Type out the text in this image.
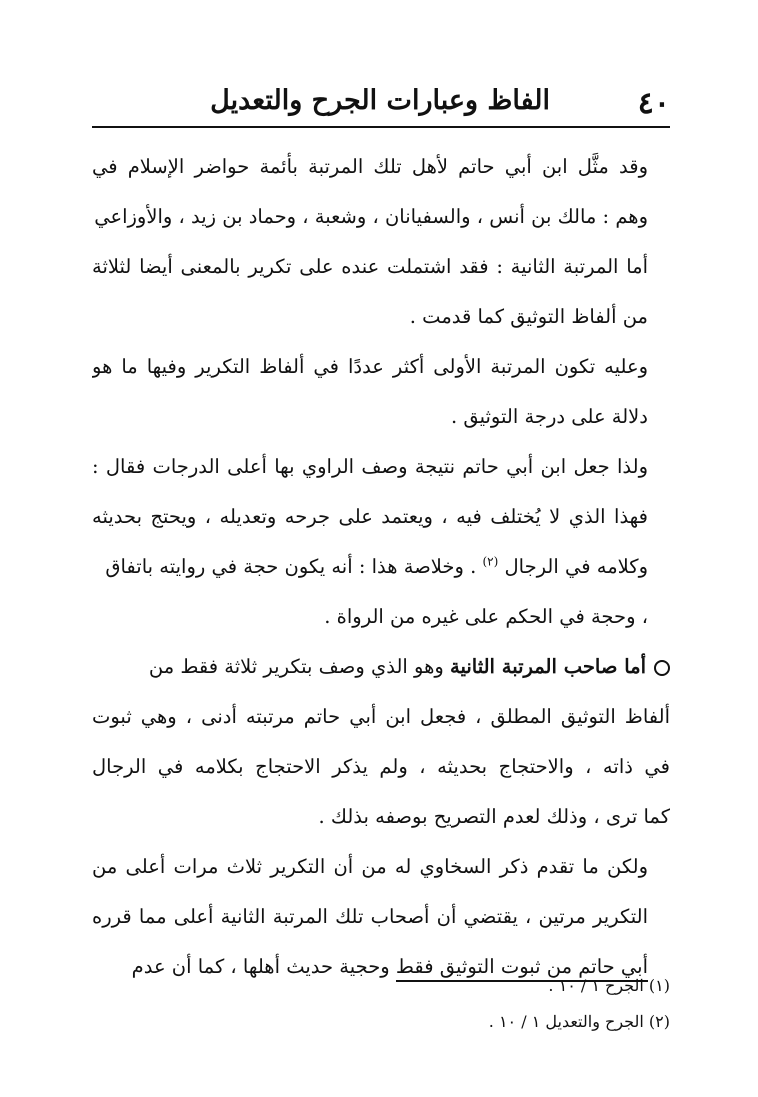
٤٠
الفاظ وعبارات الجرح والتعديل
وقد مثَّل ابن أبي حاتم لأهل تلك المرتبة بأئمة حواضر الإسلام في
وهم : مالك بن أنس ، والسفيانان ، وشعبة ، وحماد بن زيد ، والأوزاعي
أما المرتبة الثانية : فقد اشتملت عنده على تكرير بالمعنى أيضا لثلاثة
من ألفاظ التوثيق كما قدمت .
وعليه تكون المرتبة الأولى أكثر عددًا في ألفاظ التكرير وفيها ما هو
دلالة على درجة التوثيق .
ولذا جعل ابن أبي حاتم نتيجة وصف الراوي بها أعلى الدرجات فقال :
فهذا الذي لا يُختلف فيه ، ويعتمد على جرحه وتعديله ، ويحتج بحديثه
وكلامه في الرجال $^{(٢)}$ . وخلاصة هذا : أنه يكون حجة في روايته باتفاق
، وحجة في الحكم على غيره من الرواة .
أما صاحب المرتبة الثانية وهو الذي وصف بتكرير ثلاثة فقط من
ألفاظ التوثيق المطلق ، فجعل ابن أبي حاتم مرتبته أدنى ، وهي ثبوت
في ذاته ، والاحتجاج بحديثه ، ولم يذكر الاحتجاج بكلامه في الرجال
كما ترى ، وذلك لعدم التصريح بوصفه بذلك .
ولكن ما تقدم ذكر السخاوي له من أن التكرير ثلاث مرات أعلى من
التكرير مرتين ، يقتضي أن أصحاب تلك المرتبة الثانية أعلى مما قرره
أبي حاتم من ثبوت التوثيق فقط وحجية حديث أهلها ، كما أن عدم
(١) الجرح ١ / ١٠ .
(٢) الجرح والتعديل ١ / ١٠ .
